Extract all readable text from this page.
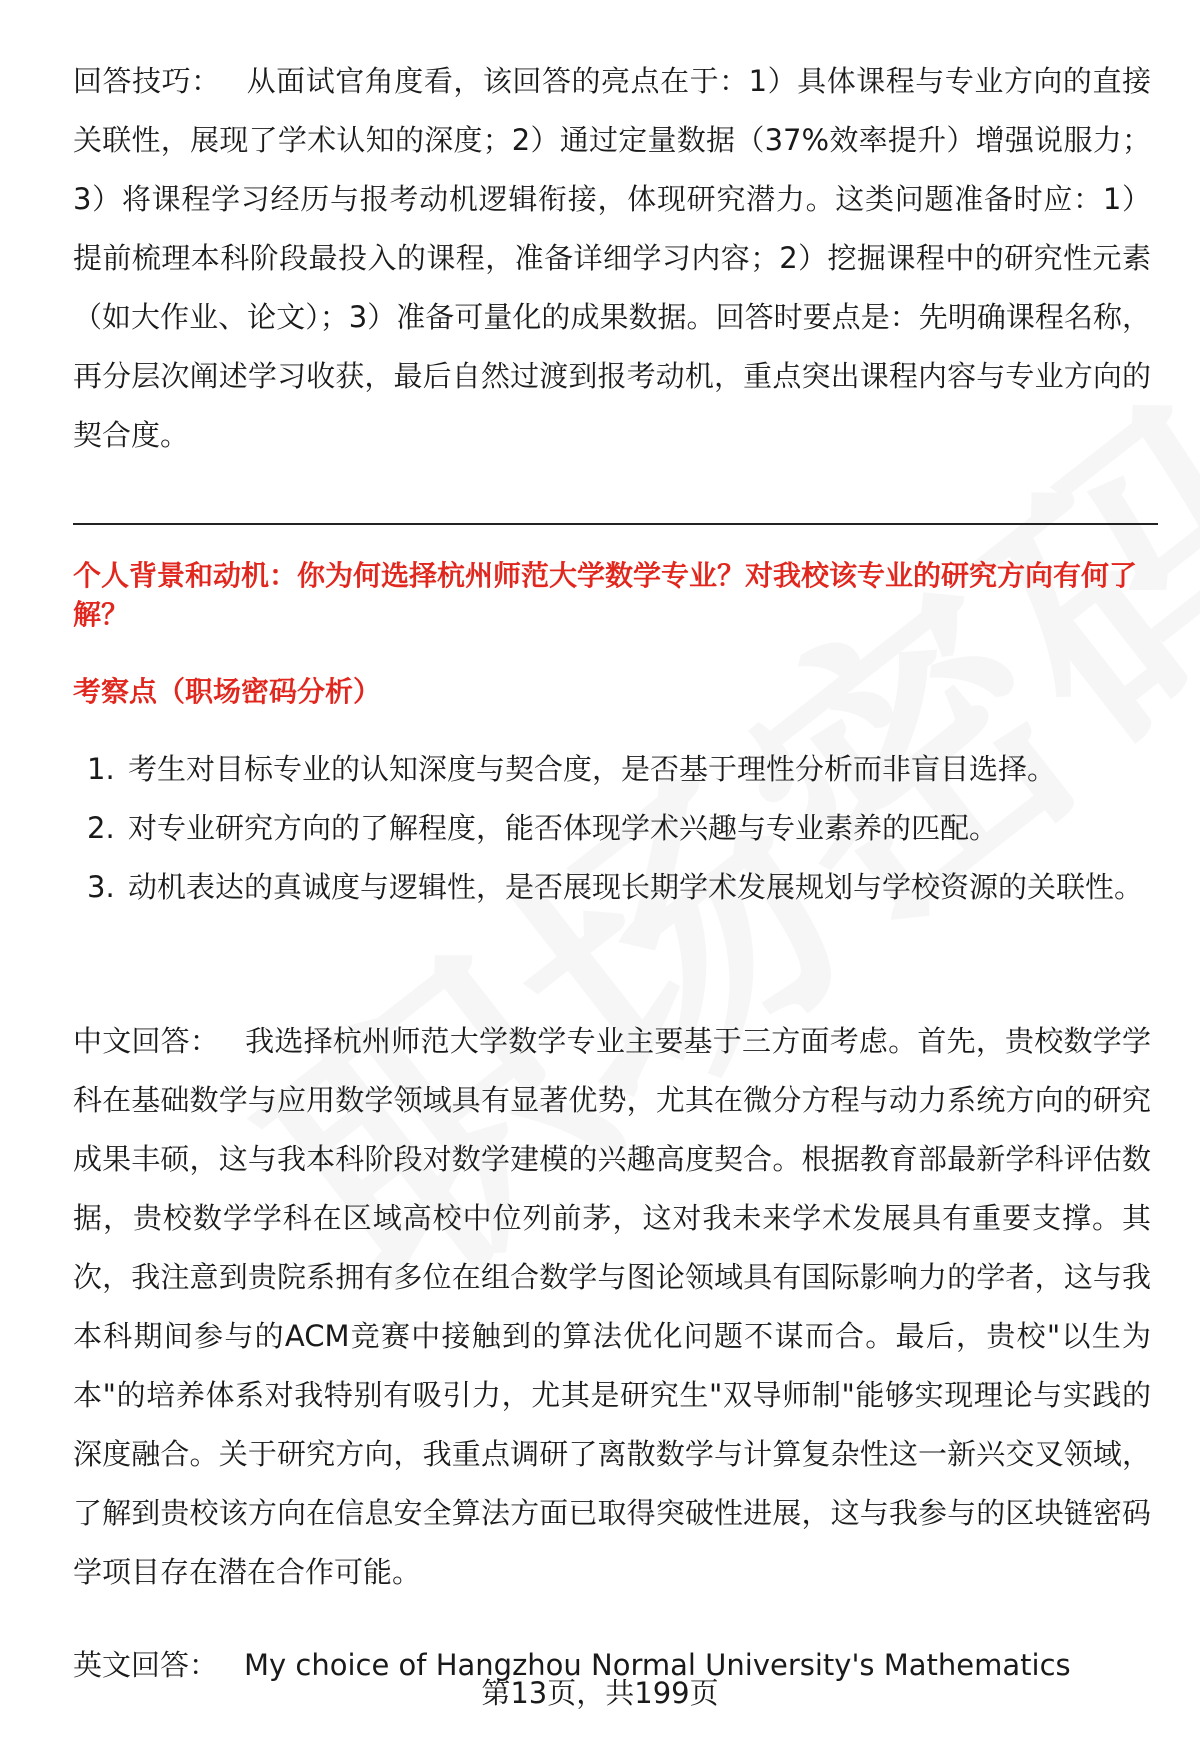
回答技巧： 从面试官角度看，该回答的亮点在于：1）具体课程与专业方向的直接关联性，展现了学术认知的深度；2）通过定量数据（37%效率提升）增强说服力；3）将课程学习经历与报考动机逻辑衔接，体现研究潜力。这类问题准备时应：1）提前梳理本科阶段最投入的课程，准备详细学习内容；2）挖掘课程中的研究性元素（如大作业、论文）；3）准备可量化的成果数据。回答时要点是：先明确课程名称，再分层次阐述学习收获，最后自然过渡到报考动机，重点突出课程内容与专业方向的契合度。

个人背景和动机：你为何选择杭州师范大学数学专业？对我校该专业的研究方向有何了解？

考察点（职场密码分析）

1. 考生对目标专业的认知深度与契合度，是否基于理性分析而非盲目选择。
2. 对专业研究方向的了解程度，能否体现学术兴趣与专业素养的匹配。
3. 动机表达的真诚度与逻辑性，是否展现长期学术发展规划与学校资源的关联性。

中文回答： 我选择杭州师范大学数学专业主要基于三方面考虑。首先，贵校数学学科在基础数学与应用数学领域具有显著优势，尤其在微分方程与动力系统方向的研究成果丰硕，这与我本科阶段对数学建模的兴趣高度契合。根据教育部最新学科评估数据，贵校数学学科在区域高校中位列前茅，这对我未来学术发展具有重要支撑。其次，我注意到贵院系拥有多位在组合数学与图论领域具有国际影响力的学者，这与我本科期间参与的ACM竞赛中接触到的算法优化问题不谋而合。最后，贵校"以生为本"的培养体系对我特别有吸引力，尤其是研究生"双导师制"能够实现理论与实践的深度融合。关于研究方向，我重点调研了离散数学与计算复杂性这一新兴交叉领域，了解到贵校该方向在信息安全算法方面已取得突破性进展，这与我参与的区块链密码学项目存在潜在合作可能。

英文回答： My choice of Hangzhou Normal University's Mathematics

第13页，共199页
